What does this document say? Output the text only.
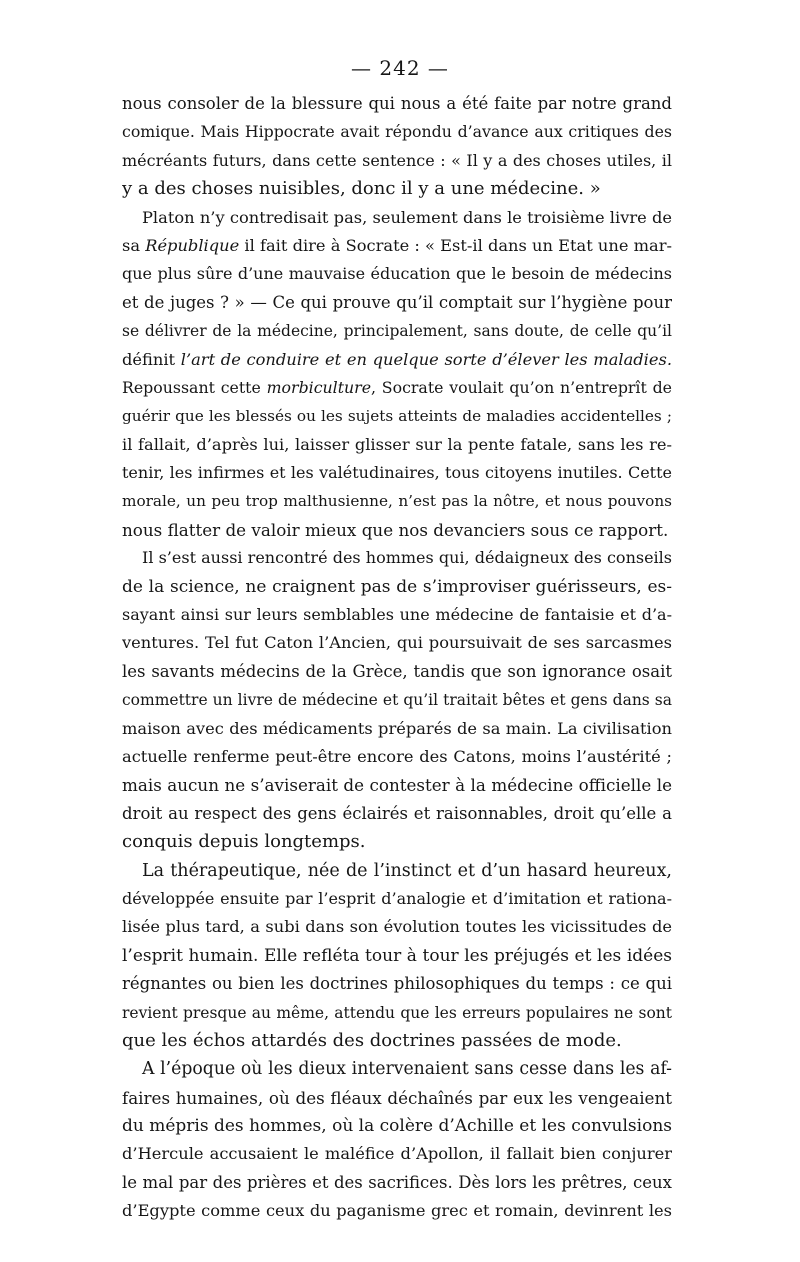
— 242 —
nous consoler de la blessure qui nous a été faite par notre grand
comique. Mais Hippocrate avait répondu d’avance aux critiques des
mécréants futurs, dans cette sentence : « Il y a des choses utiles, il
y a des choses nuisibles, donc il y a une médecine. »
Platon n’y contredisait pas, seulement dans le troisième livre de
sa République il fait dire à Socrate : « Est-il dans un Etat une mar-
que plus sûre d’une mauvaise éducation que le besoin de médecins
et de juges ? » — Ce qui prouve qu’il comptait sur l’hygiène pour
se délivrer de la médecine, principalement, sans doute, de celle qu’il
définit l’art de conduire et en quelque sorte d’élever les maladies.
Repoussant cette morbiculture, Socrate voulait qu’on n’entreprît de
guérir que les blessés ou les sujets atteints de maladies accidentelles ;
il fallait, d’après lui, laisser glisser sur la pente fatale, sans les re-
tenir, les infirmes et les valétudinaires, tous citoyens inutiles. Cette
morale, un peu trop malthusienne, n’est pas la nôtre, et nous pouvons
nous flatter de valoir mieux que nos devanciers sous ce rapport.
Il s’est aussi rencontré des hommes qui, dédaigneux des conseils
de la science, ne craignent pas de s’improviser guérisseurs, es-
sayant ainsi sur leurs semblables une médecine de fantaisie et d’a-
ventures. Tel fut Caton l’Ancien, qui poursuivait de ses sarcasmes
les savants médecins de la Grèce, tandis que son ignorance osait
commettre un livre de médecine et qu’il traitait bêtes et gens dans sa
maison avec des médicaments préparés de sa main. La civilisation
actuelle renferme peut-être encore des Catons, moins l’austérité ;
mais aucun ne s’aviserait de contester à la médecine officielle le
droit au respect des gens éclairés et raisonnables, droit qu’elle a
conquis depuis longtemps.
La thérapeutique, née de l’instinct et d’un hasard heureux,
développée ensuite par l’esprit d’analogie et d’imitation et rationa-
lisée plus tard, a subi dans son évolution toutes les vicissitudes de
l’esprit humain. Elle refléta tour à tour les préjugés et les idées
régnantes ou bien les doctrines philosophiques du temps : ce qui
revient presque au même, attendu que les erreurs populaires ne sont
que les échos attardés des doctrines passées de mode.
A l’époque où les dieux intervenaient sans cesse dans les af-
faires humaines, où des fléaux déchaînés par eux les vengeaient
du mépris des hommes, où la colère d’Achille et les convulsions
d’Hercule accusaient le maléfice d’Apollon, il fallait bien conjurer
le mal par des prières et des sacrifices. Dès lors les prêtres, ceux
d’Egypte comme ceux du paganisme grec et romain, devinrent les
